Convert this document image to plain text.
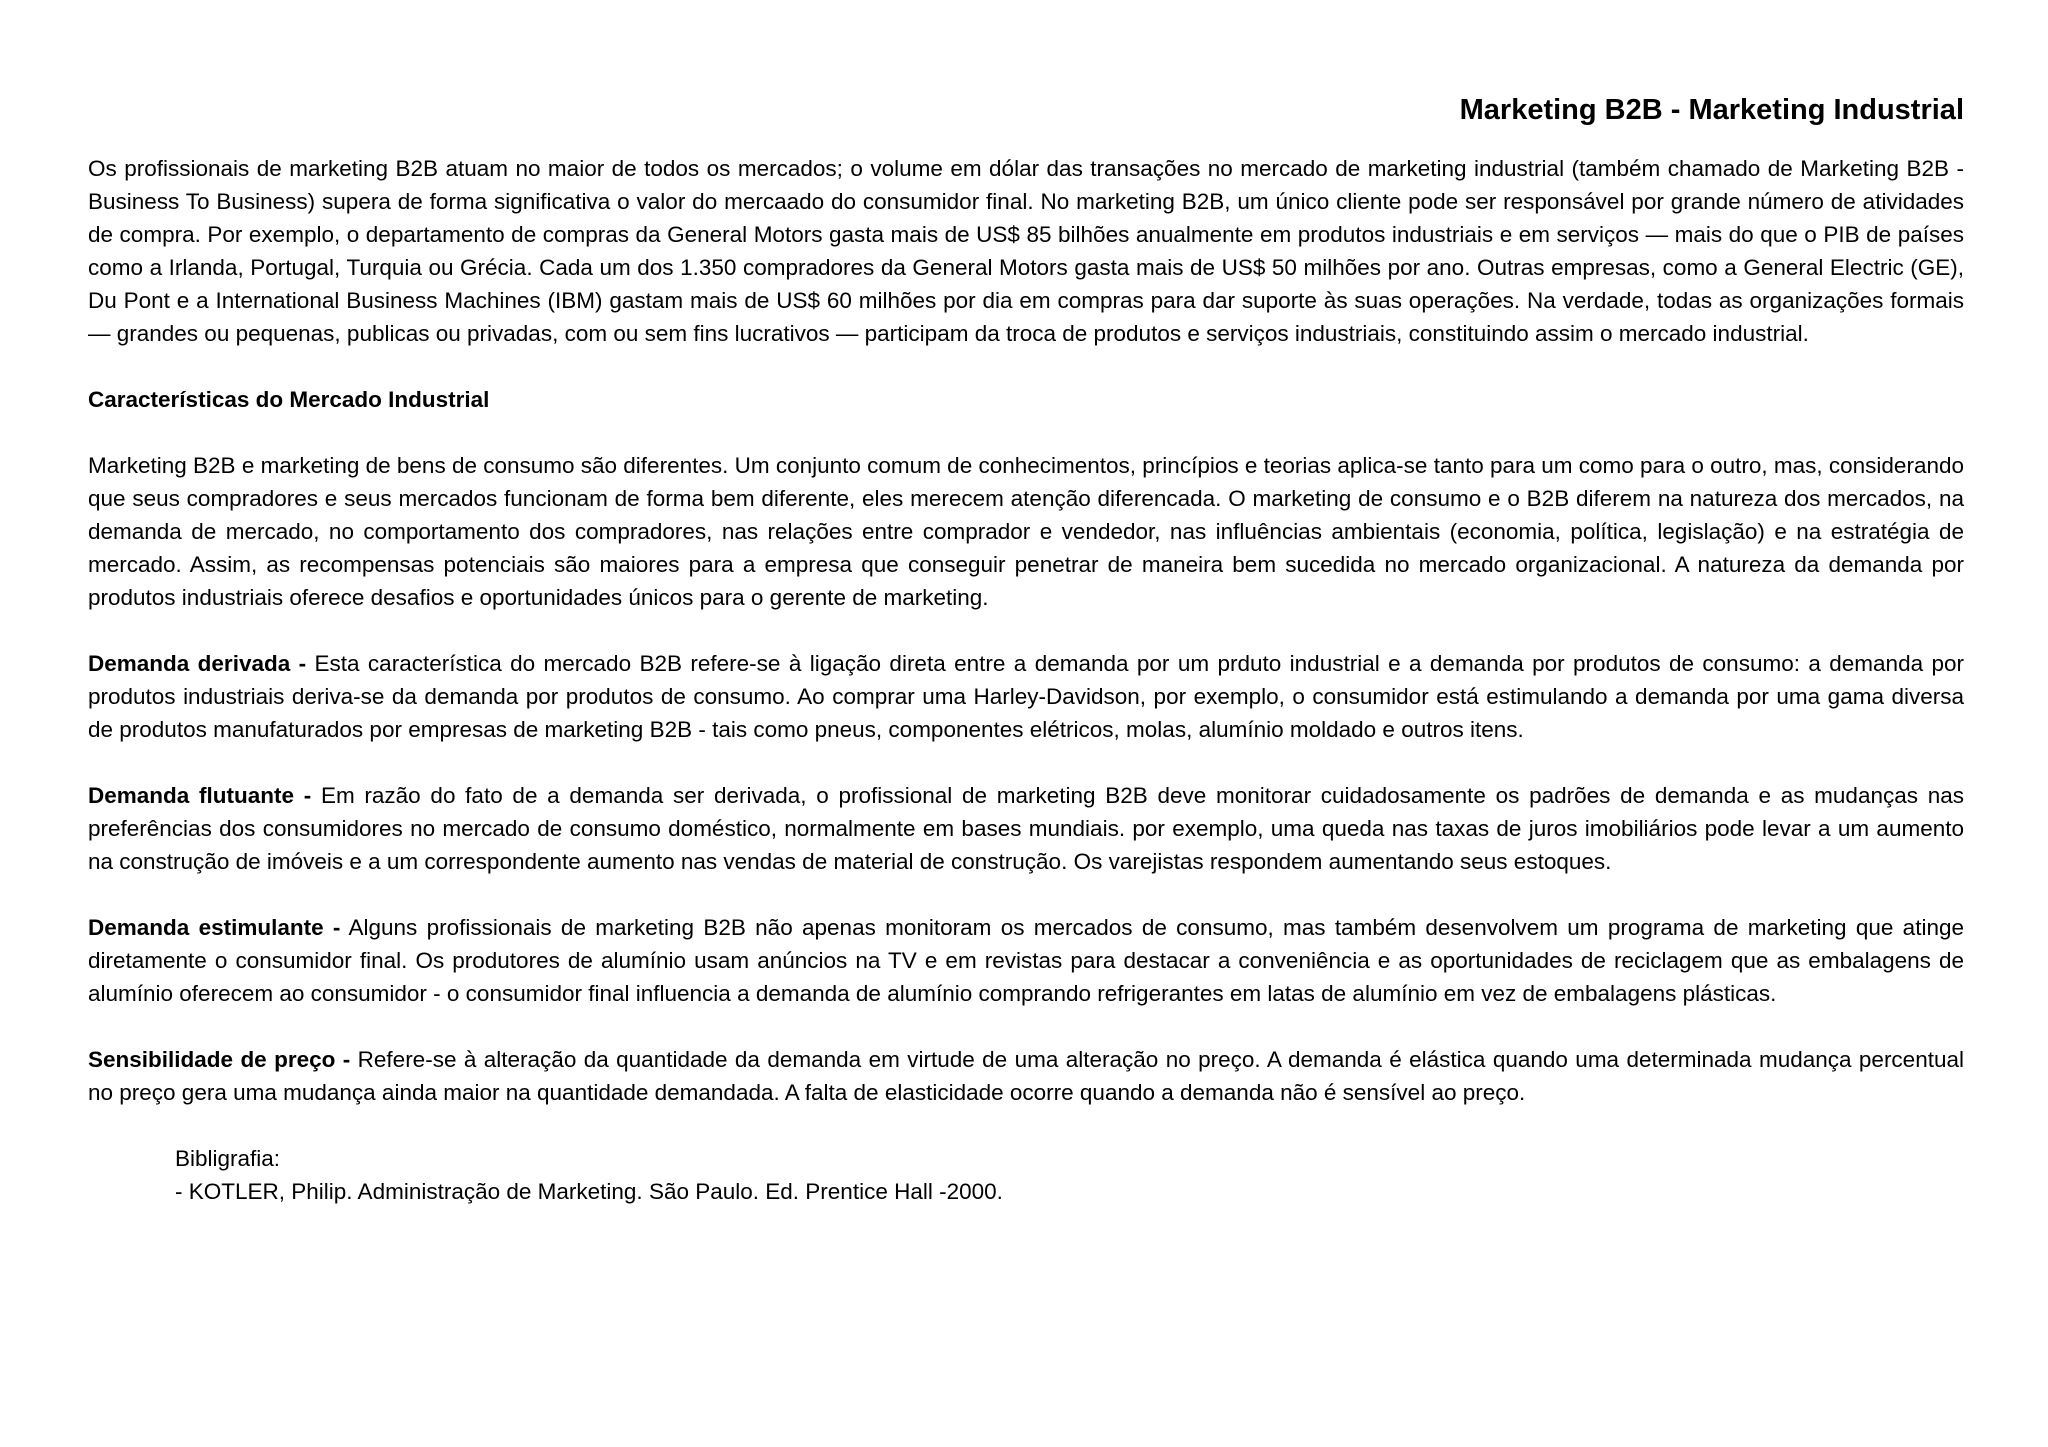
Marketing B2B - Marketing Industrial

Os profissionais de marketing B2B atuam no maior de todos os mercados; o volume em dólar das transações no mercado de marketing industrial (também chamado de Marketing B2B - Business To Business) supera de forma significativa o valor do mercaado do consumidor final. No marketing B2B, um único cliente pode ser responsável por grande número de atividades de compra. Por exemplo, o departamento de compras da General Motors gasta mais de US$ 85 bilhões anualmente em produtos industriais e em serviços — mais do que o PIB de países como a Irlanda, Portugal, Turquia ou Grécia. Cada um dos 1.350 compradores da General Motors gasta mais de US$ 50 milhões por ano. Outras empresas, como a General Electric (GE), Du Pont e a International Business Machines (IBM) gastam mais de US$ 60 milhões por dia em compras para dar suporte às suas operações. Na verdade, todas as organizações formais — grandes ou pequenas, publicas ou privadas, com ou sem fins lucrativos — participam da troca de produtos e serviços industriais, constituindo assim o mercado industrial.

Características do Mercado Industrial

Marketing B2B e marketing de bens de consumo são diferentes. Um conjunto comum de conhecimentos, princípios e teorias aplica-se tanto para um como para o outro, mas, considerando que seus compradores e seus mercados funcionam de forma bem diferente, eles merecem atenção diferencada. O marketing de consumo e o B2B diferem na natureza dos mercados, na demanda de mercado, no comportamento dos compradores, nas relações entre comprador e vendedor, nas influências ambientais (economia, política, legislação) e na estratégia de mercado. Assim, as recompensas potenciais são maiores para a empresa que conseguir penetrar de maneira bem sucedida no mercado organizacional. A natureza da demanda por produtos industriais oferece desafios e oportunidades únicos para o gerente de marketing.

Demanda derivada - Esta característica do mercado B2B refere-se à ligação direta entre a demanda por um prduto industrial e a demanda por produtos de consumo: a demanda por produtos industriais deriva-se da demanda por produtos de consumo. Ao comprar uma Harley-Davidson, por exemplo, o consumidor está estimulando a demanda por uma gama diversa de produtos manufaturados por empresas de marketing B2B - tais como pneus, componentes elétricos, molas, alumínio moldado e outros itens.

Demanda flutuante - Em razão do fato de a demanda ser derivada, o profissional de marketing B2B deve monitorar cuidadosamente os padrões de demanda e as mudanças nas preferências dos consumidores no mercado de consumo doméstico, normalmente em bases mundiais. por exemplo, uma queda nas taxas de juros imobiliários pode levar a um aumento na construção de imóveis e a um correspondente aumento nas vendas de material de construção. Os varejistas respondem aumentando seus estoques.

Demanda estimulante - Alguns profissionais de marketing B2B não apenas monitoram os mercados de consumo, mas também desenvolvem um programa de marketing que atinge diretamente o consumidor final. Os produtores de alumínio usam anúncios na TV e em revistas para destacar a conveniência e as oportunidades de reciclagem que as embalagens de alumínio oferecem ao consumidor - o consumidor final influencia a demanda de alumínio comprando refrigerantes em latas de alumínio em vez de embalagens plásticas.

Sensibilidade de preço - Refere-se à alteração da quantidade da demanda em virtude de uma alteração no preço. A demanda é elástica quando uma determinada mudança percentual no preço gera uma mudança ainda maior na quantidade demandada. A falta de elasticidade ocorre quando a demanda não é sensível ao preço.

Bibligrafia:
- KOTLER, Philip. Administração de Marketing. São Paulo. Ed. Prentice Hall -2000.
